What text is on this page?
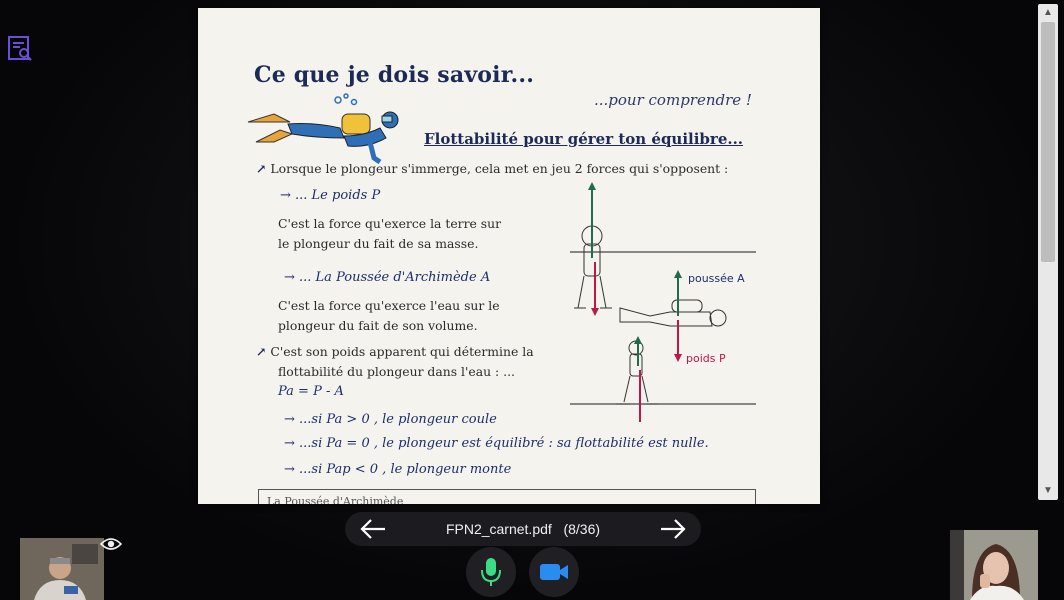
Ce que je dois savoir...
...pour comprendre !
Flottabilité pour gérer ton équilibre...
↗ Lorsque le plongeur s'immerge, cela met en jeu 2 forces qui s'opposent :
→ ... Le poids P
C'est la force qu'exerce la terre sur
le plongeur du fait de sa masse.
→ ... La Poussée d'Archimède A
C'est la force qu'exerce l'eau sur le
plongeur du fait de son volume.
↗ C'est son poids apparent qui détermine la
flottabilité du plongeur dans l'eau : ...
Pa = P - A
→ ...si Pa > 0 , le plongeur coule
→ ...si Pa = 0 , le plongeur est équilibré : sa flottabilité est nulle.
→ ...si Pap < 0 , le plongeur monte
poussée A
poids P
La Poussée d'Archimède
▲
▼
FPN2_carnet.pdf (8/36)
